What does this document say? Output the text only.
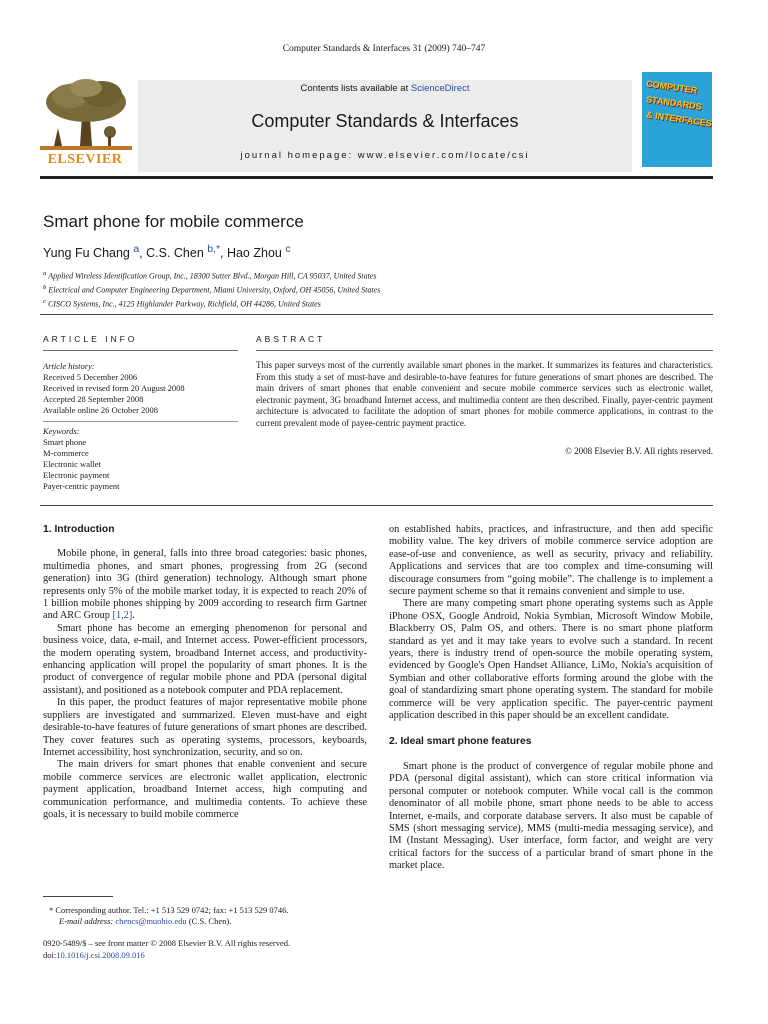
Computer Standards & Interfaces 31 (2009) 740–747
Contents lists available at ScienceDirect
Computer Standards & Interfaces
journal homepage: www.elsevier.com/locate/csi
ELSEVIER
COMPUTER
STANDARDS
& INTERFACES
Smart phone for mobile commerce
Yung Fu Chang $^a$, C.S. Chen $^{b,*}$, Hao Zhou $^c$
$^a$ Applied Wireless Identification Group, Inc., 18300 Sutter Blvd., Morgan Hill, CA 95037, United States
$^b$ Electrical and Computer Engineering Department, Miami University, Oxford, OH 45056, United States
$^c$ CISCO Systems, Inc., 4125 Highlander Parkway, Richfield, OH 44286, United States
ARTICLE INFO
Article history:
Received 5 December 2006
Received in revised form 20 August 2008
Accepted 28 September 2008
Available online 26 October 2008
Keywords:
Smart phone
M-commerce
Electronic wallet
Electronic payment
Payer-centric payment
ABSTRACT
This paper surveys most of the currently available smart phones in the market. It summarizes its features and characteristics. From this study a set of must-have and desirable-to-have features for future generations of smart phones are described. The main drivers of smart phones that enable convenient and secure mobile commerce services such as electronic wallet, electronic payment, 3G broadband Internet access, and multimedia content are then described. Finally, payer-centric payment architecture is advocated to facilitate the adoption of smart phones for mobile commerce applications, in contrast to the current prevalent mode of payee-centric payment practice.
© 2008 Elsevier B.V. All rights reserved.
1. Introduction

Mobile phone, in general, falls into three broad categories: basic phones, multimedia phones, and smart phones, progressing from 2G (second generation) into 3G (third generation) technology. Although smart phone represents only 5% of the mobile market today, it is expected to reach 20% of 1 billion mobile phones shipping by 2009 according to research firm Gartner and ARC Group [1,2].

Smart phone has become an emerging phenomenon for personal and business voice, data, e-mail, and Internet access. Power-efficient processors, the modern operating system, broadband Internet access, and productivity-enhancing application will propel the popularity of smart phones. It is the product of convergence of regular mobile phone and PDA (personal digital assistant), and positioned as a notebook computer and PDA replacement.

In this paper, the product features of major representative mobile phone suppliers are investigated and summarized. Eleven must-have and eight desirable-to-have features of future generations of smart phones are described. They cover features such as operating systems, processors, keyboards, Internet accessibility, host synchronization, security, and so on.

The main drivers for smart phones that enable convenient and secure mobile commerce services are electronic wallet application, electronic payment application, broadband Internet access, high computing and communication performance, and multimedia contents. To achieve these goals, it is necessary to build mobile commerce

on established habits, practices, and infrastructure, and then add specific mobility value. The key drivers of mobile commerce service adoption are ease-of-use and convenience, as well as security, privacy and reliability. Applications and services that are too complex and time-consuming will discourage consumers from “going mobile”. The challenge is to implement a secure payment scheme so that it remains convenient and simple to use.

There are many competing smart phone operating systems such as Apple iPhone OSX, Google Android, Nokia Symbian, Microsoft Window Mobile, Blackberry OS, Palm OS, and others. There is no smart phone platform standard as yet and it may take years to evolve such a standard. In recent years, there is industry trend of open-source the mobile operating system, evidenced by Google's Open Handset Alliance, LiMo, Nokia's acquisition of Symbian and other collaborative efforts forming around the globe with the goal of standardizing smart phone operating system. The standard for mobile commerce will be very application specific. The payer-centric payment application described in this paper should be an excellent candidate.

2. Ideal smart phone features

Smart phone is the product of convergence of regular mobile phone and PDA (personal digital assistant), which can store critical information via personal computer or notebook computer. While vocal call is the common denominator of all mobile phone, smart phone needs to be able to access Internet, e-mails, and corporate database servers. It also must be capable of SMS (short messaging service), MMS (multi-media messaging service), and IM (Instant Messaging). User interface, form factor, and weight are very critical factors for the success of a particular brand of smart phone in the market place.

* Corresponding author. Tel.: +1 513 529 0742; fax: +1 513 529 0746.
E-mail address: chencs@muohio.edu (C.S. Chen).
0920-5489/$ – see front matter © 2008 Elsevier B.V. All rights reserved.
doi:10.1016/j.csi.2008.09.016
